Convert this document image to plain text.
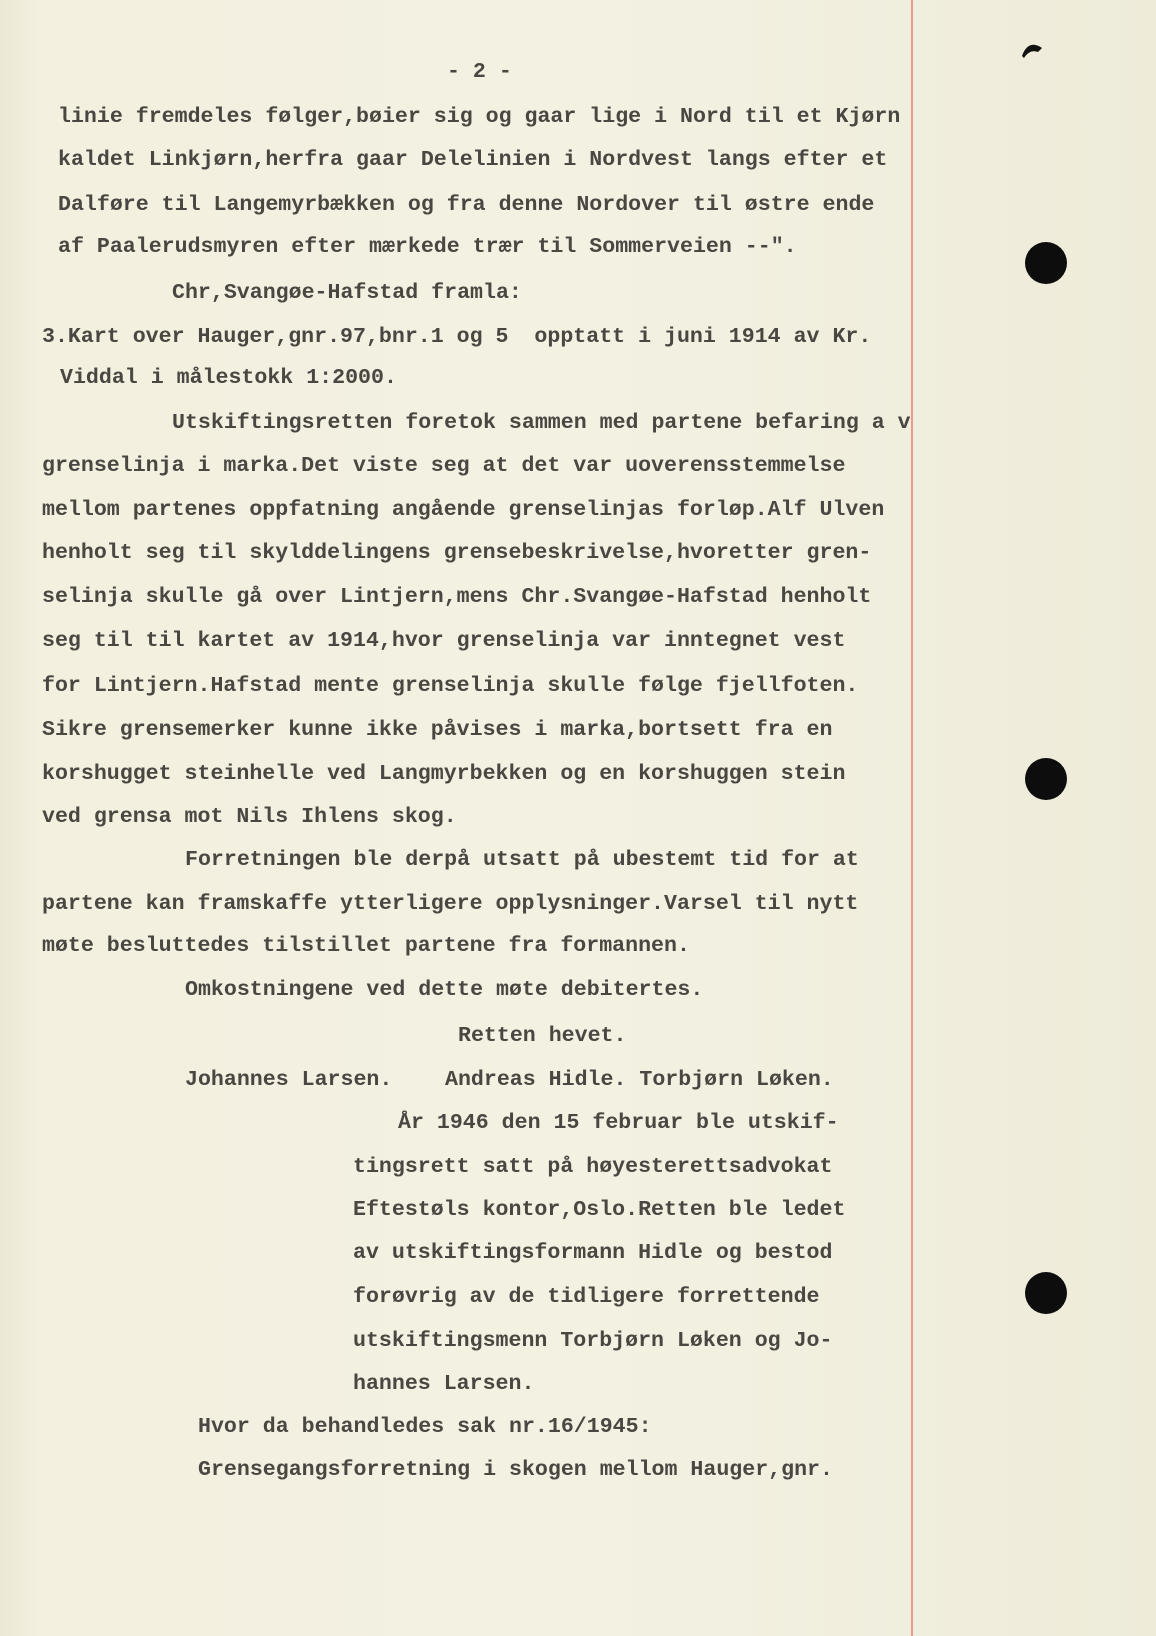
- 2 -
linie fremdeles følger,bøier sig og gaar lige i Nord til et Kjørn
kaldet Linkjørn,herfra gaar Delelinien i Nordvest langs efter et
Dalføre til Langemyrbækken og fra denne Nordover til østre ende
af Paalerudsmyren efter mærkede trær til Sommerveien --".
Chr,Svangøe-Hafstad framla:
3.Kart over Hauger,gnr.97,bnr.1 og 5  opptatt i juni 1914 av Kr.
Viddal i målestokk 1:2000.
Utskiftingsretten foretok sammen med partene befaring a v
grenselinja i marka.Det viste seg at det var uoverensstemmelse
mellom partenes oppfatning angående grenselinjas forløp.Alf Ulven
henholt seg til skylddelingens grensebeskrivelse,hvoretter gren-
selinja skulle gå over Lintjern,mens Chr.Svangøe-Hafstad henholt
seg til til kartet av 1914,hvor grenselinja var inntegnet vest
for Lintjern.Hafstad mente grenselinja skulle følge fjellfoten.
Sikre grensemerker kunne ikke påvises i marka,bortsett fra en
korshugget steinhelle ved Langmyrbekken og en korshuggen stein
ved grensa mot Nils Ihlens skog.
Forretningen ble derpå utsatt på ubestemt tid for at
partene kan framskaffe ytterligere opplysninger.Varsel til nytt
møte besluttedes tilstillet partene fra formannen.
Omkostningene ved dette møte debitertes.
Retten hevet.
Johannes Larsen. Andreas Hidle. Torbjørn Løken.
År 1946 den 15 februar ble utskif-
tingsrett satt på høyesterettsadvokat
Eftestøls kontor,Oslo.Retten ble ledet
av utskiftingsformann Hidle og bestod
forøvrig av de tidligere forrettende
utskiftingsmenn Torbjørn Løken og Jo-
hannes Larsen.
Hvor da behandledes sak nr.16/1945:
Grensegangsforretning i skogen mellom Hauger,gnr.
